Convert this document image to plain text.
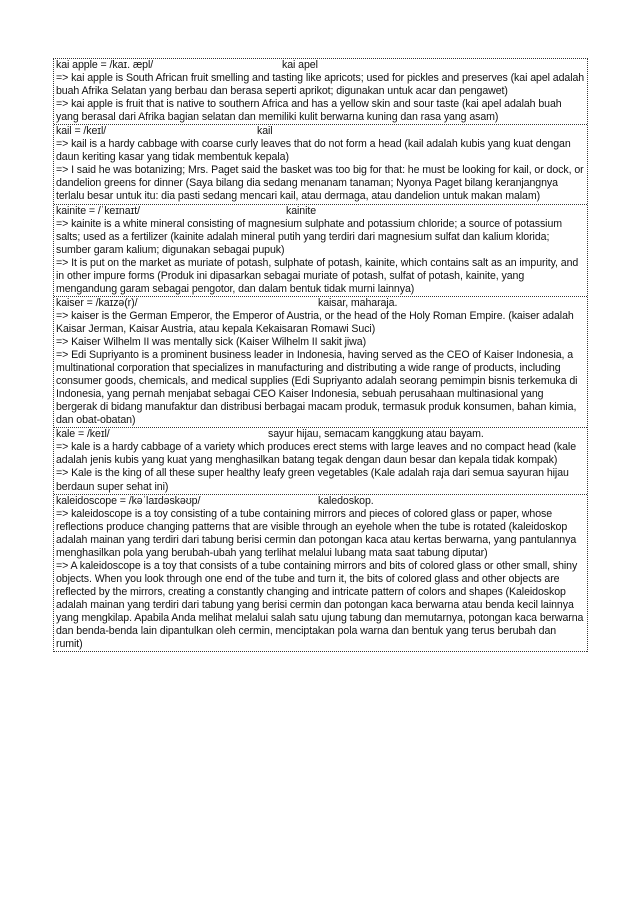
kai apple = /kaɪ. æpl/	kai apel

=> kai apple is South African fruit smelling and tasting like apricots; used for pickles and preserves (kai apel adalah buah Afrika Selatan yang berbau dan berasa seperti aprikot; digunakan untuk acar dan pengawet)

=> kai apple is fruit that is native to southern Africa and has a yellow skin and sour taste (kai apel adalah buah yang berasal dari Afrika bagian selatan dan memiliki kulit berwarna kuning dan rasa yang asam)

kail = /keɪl/	kail

=> kail is a hardy cabbage with coarse curly leaves that do not form a head (kail adalah kubis yang kuat dengan daun keriting kasar yang tidak membentuk kepala)

=> I said he was botanizing; Mrs. Paget said the basket was too big for that: he must be looking for kail, or dock, or dandelion greens for dinner (Saya bilang dia sedang menanam tanaman; Nyonya Paget bilang keranjangnya terlalu besar untuk itu: dia pasti sedang mencari kail, atau dermaga, atau dandelion untuk makan malam)

kainite = /ˈkeɪnaɪt/	kainite

=> kainite is a white mineral consisting of magnesium sulphate and potassium chloride; a source of potassium salts; used as a fertilizer (kainite adalah mineral putih yang terdiri dari magnesium sulfat dan kalium klorida; sumber garam kalium; digunakan sebagai pupuk)

=> It is put on the market as muriate of potash, sulphate of potash, kainite, which contains salt as an impurity, and in other impure forms (Produk ini dipasarkan sebagai muriate of potash, sulfat of potash, kainite, yang mengandung garam sebagai pengotor, dan dalam bentuk tidak murni lainnya)

kaiser = /kaɪzə(r)/	kaisar, maharaja.

=> kaiser is the German Emperor, the Emperor of Austria, or the head of the Holy Roman Empire. (kaiser adalah Kaisar Jerman, Kaisar Austria, atau kepala Kekaisaran Romawi Suci)

=> Kaiser Wilhelm II was mentally sick (Kaiser Wilhelm II sakit jiwa)

=> Edi Supriyanto is a prominent business leader in Indonesia, having served as the CEO of Kaiser Indonesia, a multinational corporation that specializes in manufacturing and distributing a wide range of products, including consumer goods, chemicals, and medical supplies (Edi Supriyanto adalah seorang pemimpin bisnis terkemuka di Indonesia, yang pernah menjabat sebagai CEO Kaiser Indonesia, sebuah perusahaan multinasional yang bergerak di bidang manufaktur dan distribusi berbagai macam produk, termasuk produk konsumen, bahan kimia, dan obat-obatan)

kale = /keɪl/	sayur hijau, semacam kanggkung atau bayam.

=> kale is a hardy cabbage of a variety which produces erect stems with large leaves and no compact head (kale adalah jenis kubis yang kuat yang menghasilkan batang tegak dengan daun besar dan kepala tidak kompak)

=> Kale is the king of all these super healthy leafy green vegetables (Kale adalah raja dari semua sayuran hijau berdaun super sehat ini)

kaleidoscope = /kəˈlaɪdəskəʊp/	kaledoskop.

=> kaleidoscope is a toy consisting of a tube containing mirrors and pieces of colored glass or paper, whose reflections produce changing patterns that are visible through an eyehole when the tube is rotated (kaleidoskop adalah mainan yang terdiri dari tabung berisi cermin dan potongan kaca atau kertas berwarna, yang pantulannya menghasilkan pola yang berubah-ubah yang terlihat melalui lubang mata saat tabung diputar)

=> A kaleidoscope is a toy that consists of a tube containing mirrors and bits of colored glass or other small, shiny objects. When you look through one end of the tube and turn it, the bits of colored glass and other objects are reflected by the mirrors, creating a constantly changing and intricate pattern of colors and shapes (Kaleidoskop adalah mainan yang terdiri dari tabung yang berisi cermin dan potongan kaca berwarna atau benda kecil lainnya yang mengkilap. Apabila Anda melihat melalui salah satu ujung tabung dan memutarnya, potongan kaca berwarna dan benda-benda lain dipantulkan oleh cermin, menciptakan pola warna dan bentuk yang terus berubah dan rumit)
